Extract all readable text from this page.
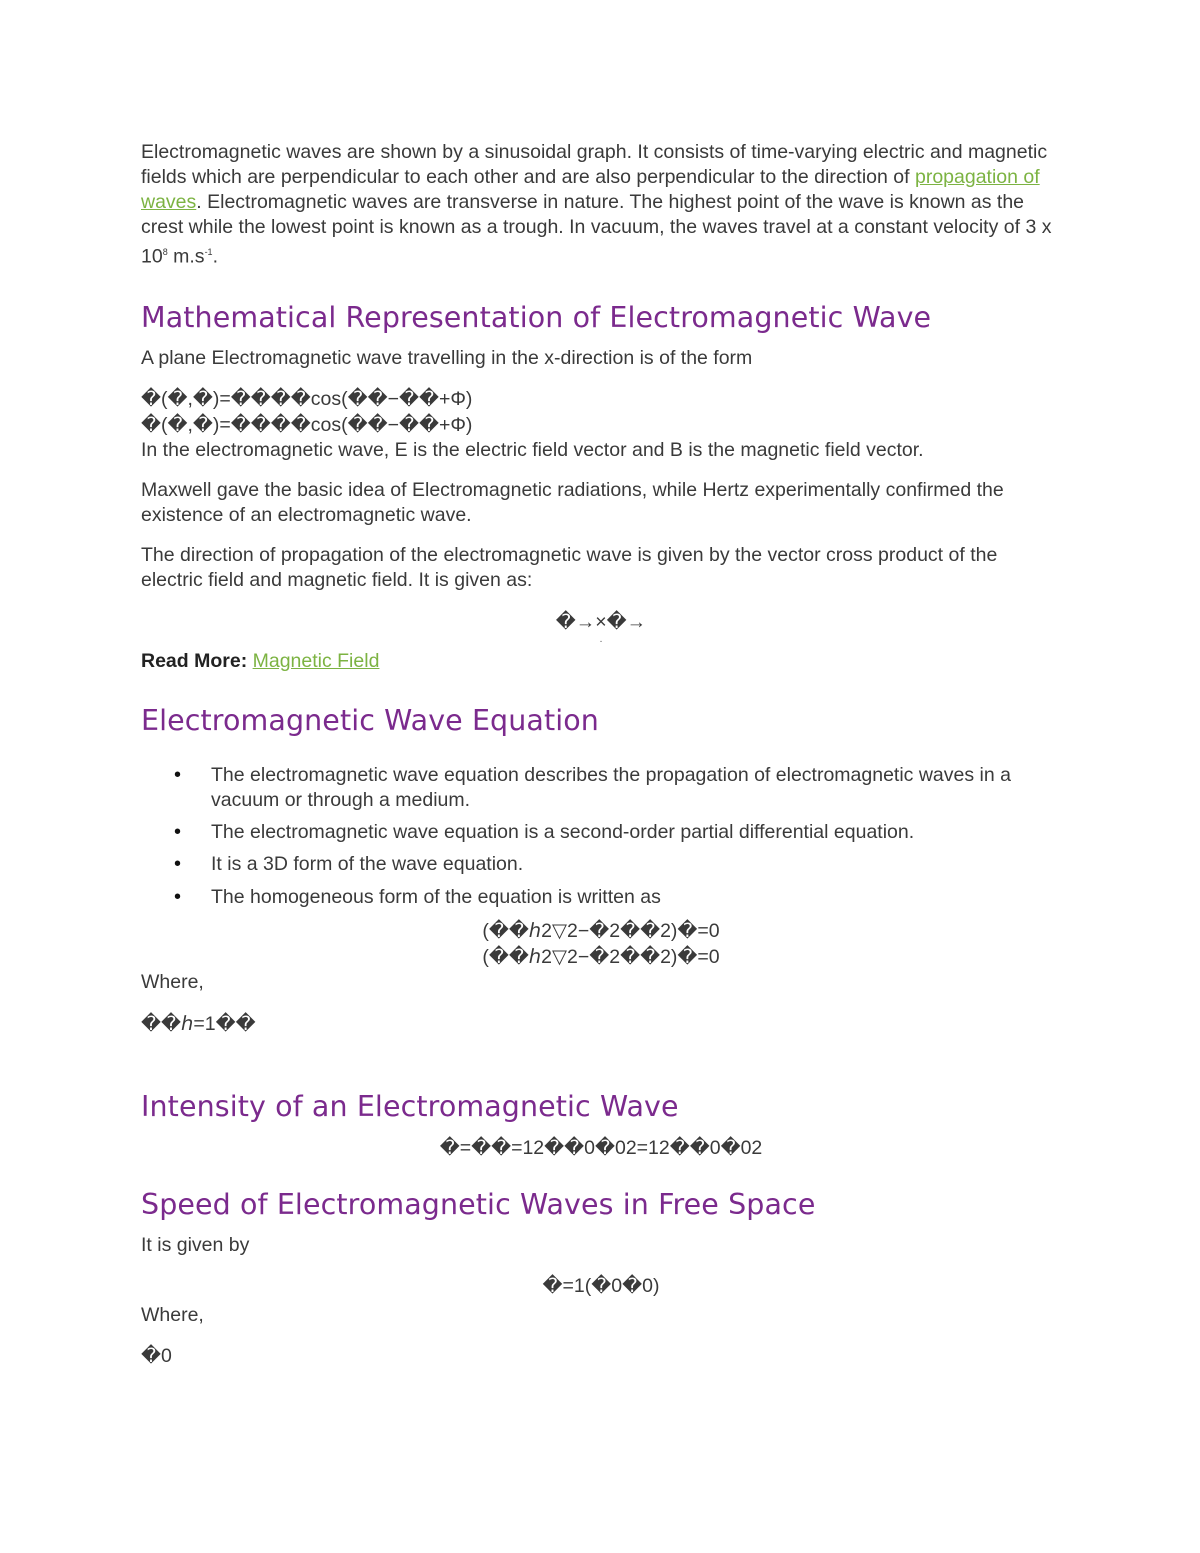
Electromagnetic waves are shown by a sinusoidal graph. It consists of time-varying electric and magnetic fields which are perpendicular to each other and are also perpendicular to the direction of propagation of waves. Electromagnetic waves are transverse in nature. The highest point of the wave is known as the crest while the lowest point is known as a trough. In vacuum, the waves travel at a constant velocity of 3 x $10^8$ $m.s^{-1}$.

Mathematical Representation of Electromagnetic Wave

A plane Electromagnetic wave travelling in the x-direction is of the form

�(�,�)=����cos(��−��+Φ)
�(�,�)=����cos(��−��+Φ)

In the electromagnetic wave, E is the electric field vector and B is the magnetic field vector.

Maxwell gave the basic idea of Electromagnetic radiations, while Hertz experimentally confirmed the existence of an electromagnetic wave.

The direction of propagation of the electromagnetic wave is given by the vector cross product of the electric field and magnetic field. It is given as:

�→×�→
.

Read More: Magnetic Field

Electromagnetic Wave Equation
• The electromagnetic wave equation describes the propagation of electromagnetic waves in a vacuum or through a medium.
• The electromagnetic wave equation is a second-order partial differential equation.
• It is a 3D form of the wave equation.
• The homogeneous form of the equation is written as
(��ℎ2▽2−�2��2)�=0
(��ℎ2▽2−�2��2)�=0

Where,

��ℎ=1��
Intensity of an Electromagnetic Wave
�=��=12��0�02=12��0�02
Speed of Electromagnetic Waves in Free Space

It is given by

�=1(�0�0)

Where,

�0
